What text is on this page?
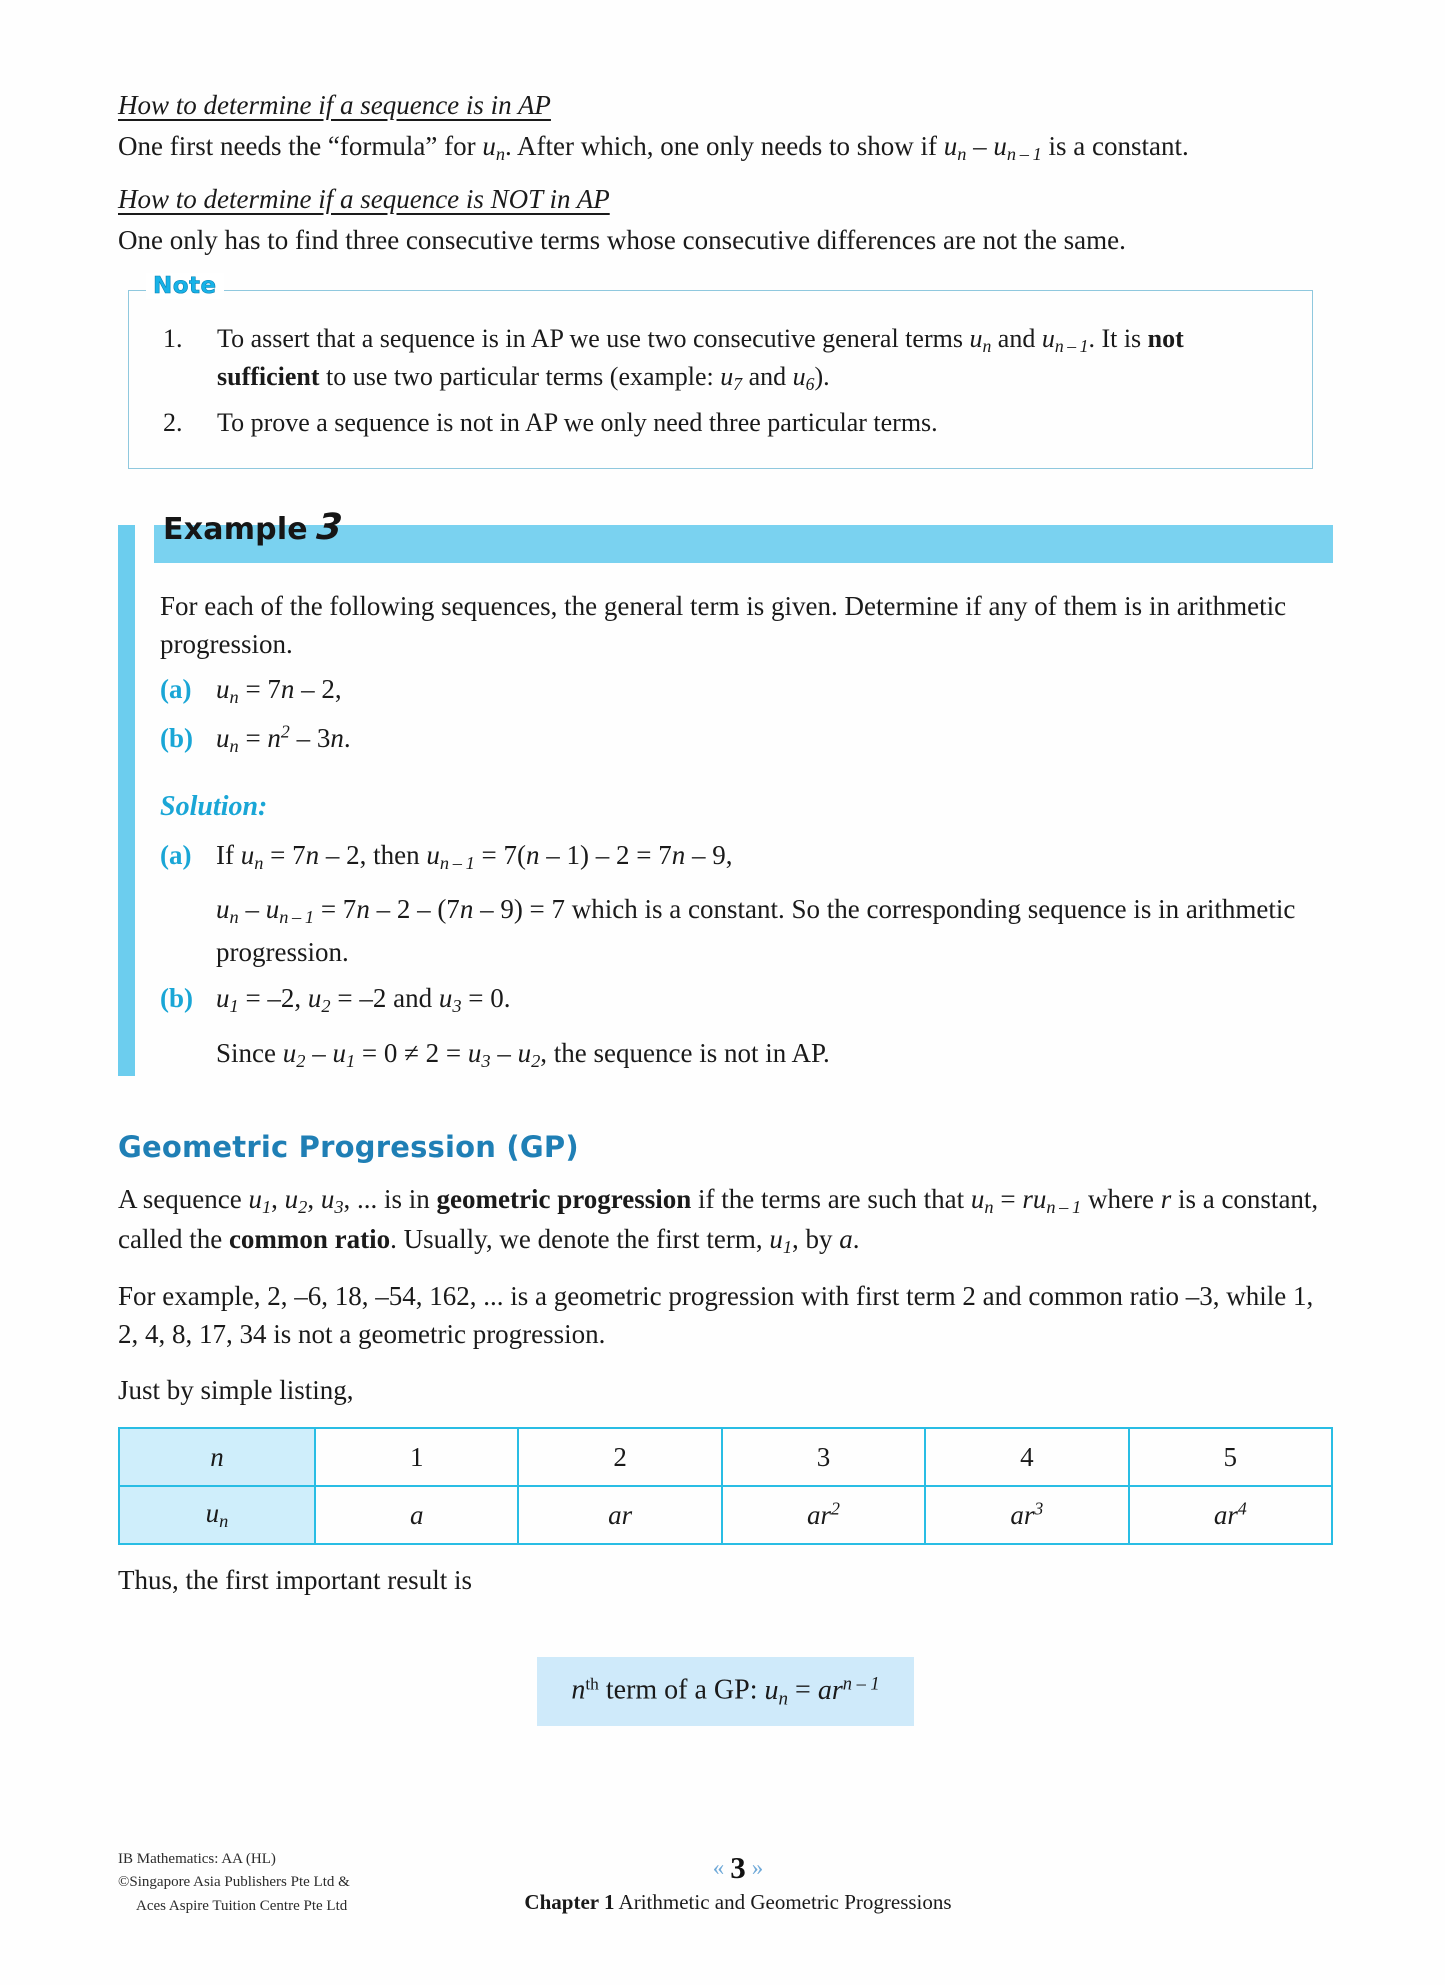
How to determine if a sequence is in AP

One first needs the “formula” for $u_n$. After which, one only needs to show if $u_n - u_{n - 1}$ is a constant.

How to determine if a sequence is NOT in AP

One only has to find three consecutive terms whose consecutive differences are not the same.

Note
1.	To assert that a sequence is in AP we use two consecutive general terms $u_n$ and $u_{n - 1}$. It is not sufficient to use two particular terms (example: $u_7$ and $u_6$).
2.	To prove a sequence is not in AP we only need three particular terms.
Example 3

For each of the following sequences, the general term is given. Determine if any of them is in arithmetic progression.

(a) $u_n = 7n - 2$,
(b) $u_n = n^2 - 3n$.
Solution:
(a) If $u_n = 7n - 2$, then $u_{n - 1} = 7(n - 1) - 2 = 7n - 9$,
$u_n - u_{n - 1} = 7n - 2 - (7n - 9) = 7$ which is a constant. So the corresponding sequence is in arithmetic progression.
(b) $u_1 = -2$, $u_2 = -2$ and $u_3 = 0$.
Since $u_2 - u_1 = 0 \ne 2 = u_3 - u_2$, the sequence is not in AP.
Geometric Progression (GP)

A sequence $u_1$, $u_2$, $u_3$, ... is in geometric progression if the terms are such that $u_n = ru_{n - 1}$ where r is a constant, called the common ratio. Usually, we denote the first term, $u_1$, by a.

For example, 2, –6, 18, –54, 162, ... is a geometric progression with first term 2 and common ratio –3, while 1, 2, 4, 8, 17, 34 is not a geometric progression.

Just by simple listing,

n	1	2	3	4	5
$u_n$	a	ar	$ar^2$	$ar^3$	$ar^4$

Thus, the first important result is

$n^{th}$ term of a GP: $u_n = ar^{n - 1}$
IB Mathematics: AA (HL)
©Singapore Asia Publishers Pte Ltd &
Aces Aspire Tuition Centre Pte Ltd
« 3 »
Chapter 1 Arithmetic and Geometric Progressions
